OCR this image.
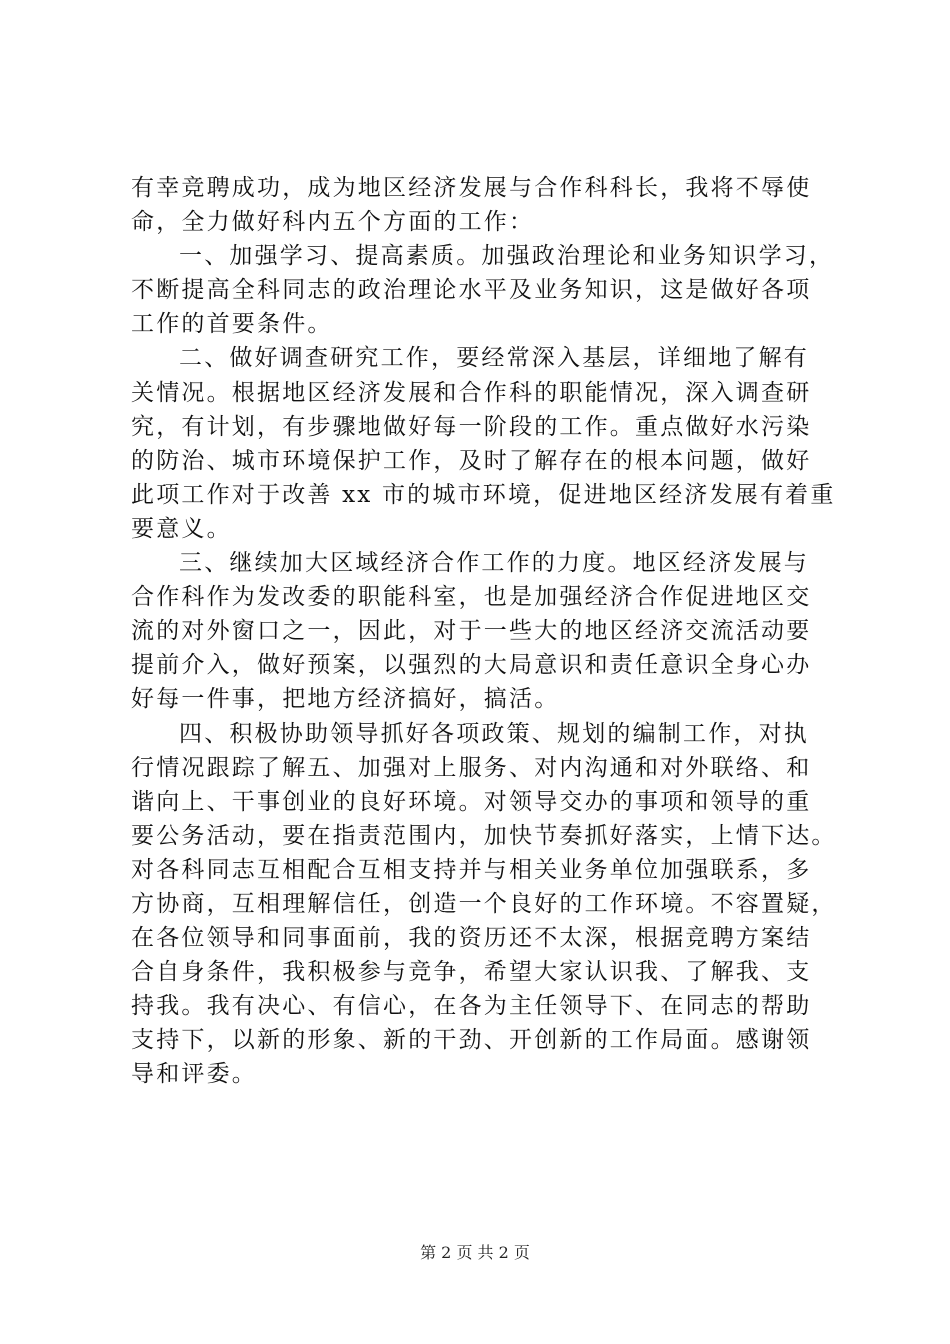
有幸竞聘成功，成为地区经济发展与合作科科长，我将不辱使
命，全力做好科内五个方面的工作：
一、加强学习、提高素质。加强政治理论和业务知识学习，
不断提高全科同志的政治理论水平及业务知识，这是做好各项
工作的首要条件。
二、做好调查研究工作，要经常深入基层，详细地了解有
关情况。根据地区经济发展和合作科的职能情况，深入调查研
究，有计划，有步骤地做好每一阶段的工作。重点做好水污染
的防治、城市环境保护工作，及时了解存在的根本问题，做好
此项工作对于改善 xx 市的城市环境，促进地区经济发展有着重
要意义。
三、继续加大区域经济合作工作的力度。地区经济发展与
合作科作为发改委的职能科室，也是加强经济合作促进地区交
流的对外窗口之一，因此，对于一些大的地区经济交流活动要
提前介入，做好预案，以强烈的大局意识和责任意识全身心办
好每一件事，把地方经济搞好，搞活。
四、积极协助领导抓好各项政策、规划的编制工作，对执
行情况跟踪了解五、加强对上服务、对内沟通和对外联络、和
谐向上、干事创业的良好环境。对领导交办的事项和领导的重
要公务活动，要在指责范围内，加快节奏抓好落实，上情下达。
对各科同志互相配合互相支持并与相关业务单位加强联系，多
方协商，互相理解信任，创造一个良好的工作环境。不容置疑，
在各位领导和同事面前，我的资历还不太深，根据竞聘方案结
合自身条件，我积极参与竞争，希望大家认识我、了解我、支
持我。我有决心、有信心，在各为主任领导下、在同志的帮助
支持下，以新的形象、新的干劲、开创新的工作局面。感谢领
导和评委。
第 2 页 共 2 页
